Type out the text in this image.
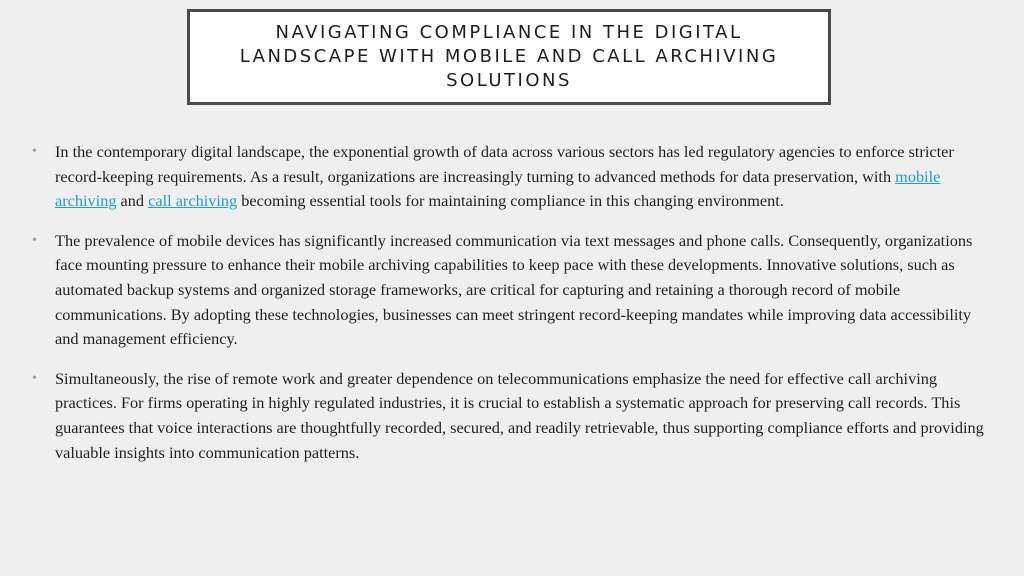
NAVIGATING COMPLIANCE IN THE DIGITAL LANDSCAPE WITH MOBILE AND CALL ARCHIVING SOLUTIONS
• In the contemporary digital landscape, the exponential growth of data across various sectors has led regulatory agencies to enforce stricter record-keeping requirements. As a result, organizations are increasingly turning to advanced methods for data preservation, with mobile archiving and call archiving becoming essential tools for maintaining compliance in this changing environment.
• The prevalence of mobile devices has significantly increased communication via text messages and phone calls. Consequently, organizations face mounting pressure to enhance their mobile archiving capabilities to keep pace with these developments. Innovative solutions, such as automated backup systems and organized storage frameworks, are critical for capturing and retaining a thorough record of mobile communications. By adopting these technologies, businesses can meet stringent record-keeping mandates while improving data accessibility and management efficiency.
• Simultaneously, the rise of remote work and greater dependence on telecommunications emphasize the need for effective call archiving practices. For firms operating in highly regulated industries, it is crucial to establish a systematic approach for preserving call records. This guarantees that voice interactions are thoughtfully recorded, secured, and readily retrievable, thus supporting compliance efforts and providing valuable insights into communication patterns.
